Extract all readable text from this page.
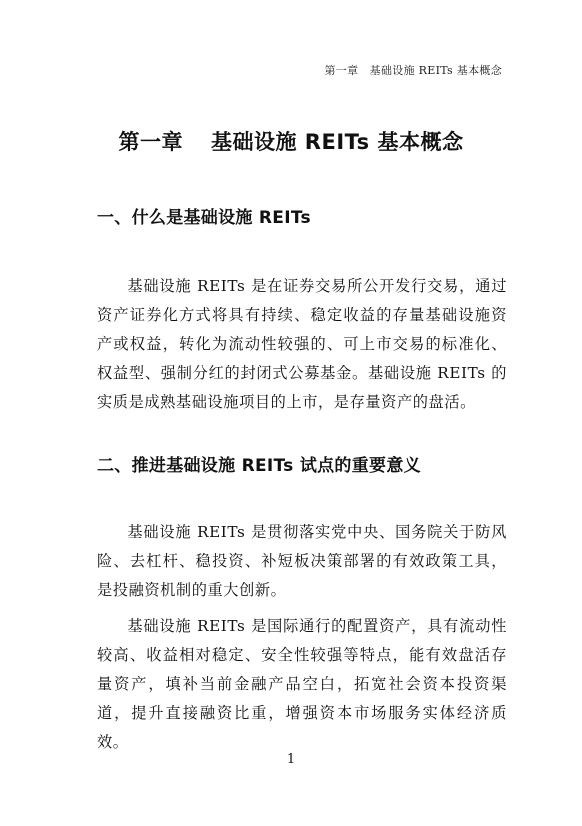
第一章　基础设施 REITs 基本概念
第一章 基础设施 REITs 基本概念
一、什么是基础设施 REITs

基础设施 REITs 是在证券交易所公开发行交易，通过资产证券化方式将具有持续、稳定收益的存量基础设施资产或权益，转化为流动性较强的、可上市交易的标准化、权益型、强制分红的封闭式公募基金。基础设施 REITs 的实质是成熟基础设施项目的上市，是存量资产的盘活。

二、推进基础设施 REITs 试点的重要意义

基础设施 REITs 是贯彻落实党中央、国务院关于防风险、去杠杆、稳投资、补短板决策部署的有效政策工具，是投融资机制的重大创新。

基础设施 REITs 是国际通行的配置资产，具有流动性较高、收益相对稳定、安全性较强等特点，能有效盘活存量资产，填补当前金融产品空白，拓宽社会资本投资渠道，提升直接融资比重，增强资本市场服务实体经济质效。

1
